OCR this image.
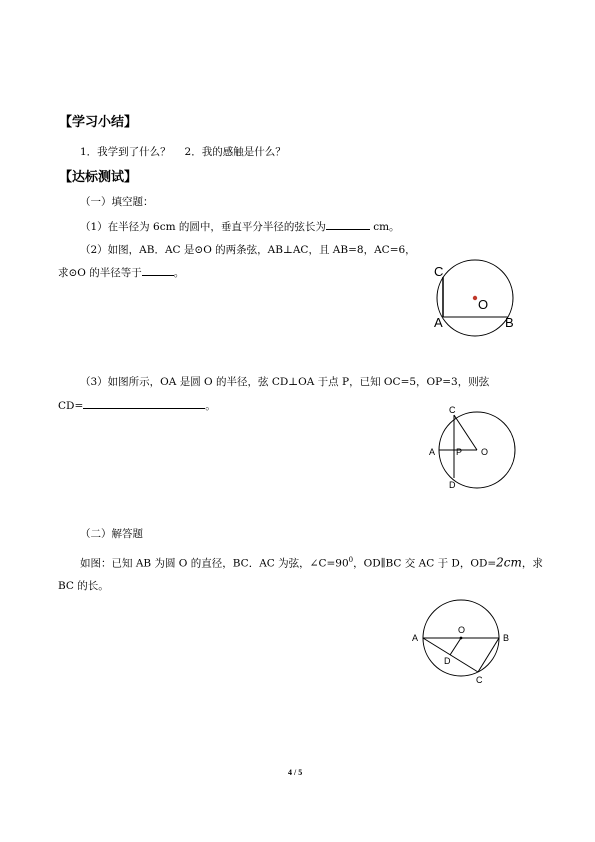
【学习小结】
1．我学到了什么？　 2．我的感触是什么？
【达标测试】
（一）填空题：
（1）在半径为 6cm 的圆中，垂直平分半径的弦长为	cm。
（2）如图，AB．AC 是⊙O 的两条弦，AB⊥AC，且 AB=8，AC=6，
求⊙O 的半径等于	。	C
O
A	B
（3）如图所示，OA 是圆 O 的半径，弦 CD⊥OA 于点 P，已知 OC=5，OP=3，则弦
CD=	。	C
A P O
D
（二）解答题
如图：已知 AB 为圆 O 的直径，BC．AC 为弦，$\angle C=90^0$，OD∥BC 交 AC 于 D，OD=2cm，求
BC 的长。
O
A	B
D
C
4 / 5
